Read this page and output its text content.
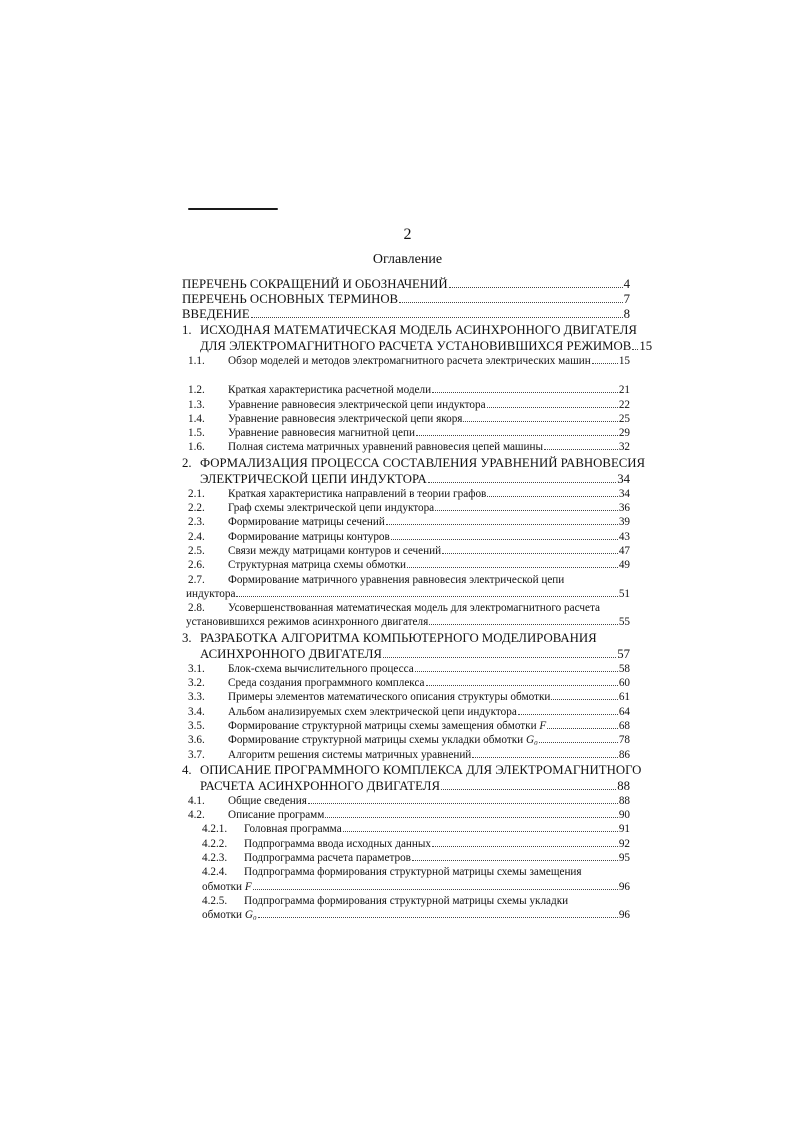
2
Оглавление
ПЕРЕЧЕНЬ СОКРАЩЕНИЙ И ОБОЗНАЧЕНИЙ	4
ПЕРЕЧЕНЬ ОСНОВНЫХ ТЕРМИНОВ	7
ВВЕДЕНИЕ	8
1. ИСХОДНАЯ МАТЕМАТИЧЕСКАЯ МОДЕЛЬ АСИНХРОННОГО ДВИГАТЕЛЯ
ДЛЯ ЭЛЕКТРОМАГНИТНОГО РАСЧЕТА УСТАНОВИВШИХСЯ РЕЖИМОВ 15
1.1.	Обзор моделей и методов электромагнитного расчета электрических машин	15
1.2.	Краткая характеристика расчетной модели	21
1.3.	Уравнение равновесия электрической цепи индуктора	22
1.4.	Уравнение равновесия электрической цепи якоря	25
1.5.	Уравнение равновесия магнитной цепи	29
1.6.	Полная система матричных уравнений равновесия цепей машины	32
2. ФОРМАЛИЗАЦИЯ ПРОЦЕССА СОСТАВЛЕНИЯ УРАВНЕНИЙ РАВНОВЕСИЯ
ЭЛЕКТРИЧЕСКОЙ ЦЕПИ ИНДУКТОРА	34
2.1.	Краткая характеристика направлений в теории графов	34
2.2.	Граф схемы электрической цепи индуктора	36
2.3.	Формирование матрицы сечений	39
2.4.	Формирование матрицы контуров	43
2.5.	Связи между матрицами контуров и сечений	47
2.6.	Структурная матрица схемы обмотки	49
2.7.	Формирование матричного уравнения равновесия электрической цепи
индуктора	51
2.8.	Усовершенствованная математическая модель для электромагнитного расчета
установившихся режимов асинхронного двигателя	55
3. РАЗРАБОТКА АЛГОРИТМА КОМПЬЮТЕРНОГО МОДЕЛИРОВАНИЯ
АСИНХРОННОГО ДВИГАТЕЛЯ	57
3.1.	Блок-схема вычислительного процесса	58
3.2.	Среда создания программного комплекса	60
3.3.	Примеры элементов математического описания структуры обмотки	61
3.4.	Альбом анализируемых схем электрической цепи индуктора	64
3.5.	Формирование структурной матрицы схемы замещения обмотки
F	68
3.6.	Формирование структурной матрицы схемы укладки обмотки
G₀	78
3.7.	Алгоритм решения системы матричных уравнений	86
4. ОПИСАНИЕ ПРОГРАММНОГО КОМПЛЕКСА ДЛЯ ЭЛЕКТРОМАГНИТНОГО
РАСЧЕТА АСИНХРОННОГО ДВИГАТЕЛЯ	88
4.1.	Общие сведения	88
4.2.	Описание программ	90
4.2.1.	Головная программа	91
4.2.2.	Подпрограмма ввода исходных данных	92
4.2.3.	Подпрограмма расчета параметров	95
4.2.4.	Подпрограмма формирования структурной матрицы схемы замещения
обмотки
F	96
4.2.5.	Подпрограмма формирования структурной матрицы схемы укладки
обмотки
G₀	96
